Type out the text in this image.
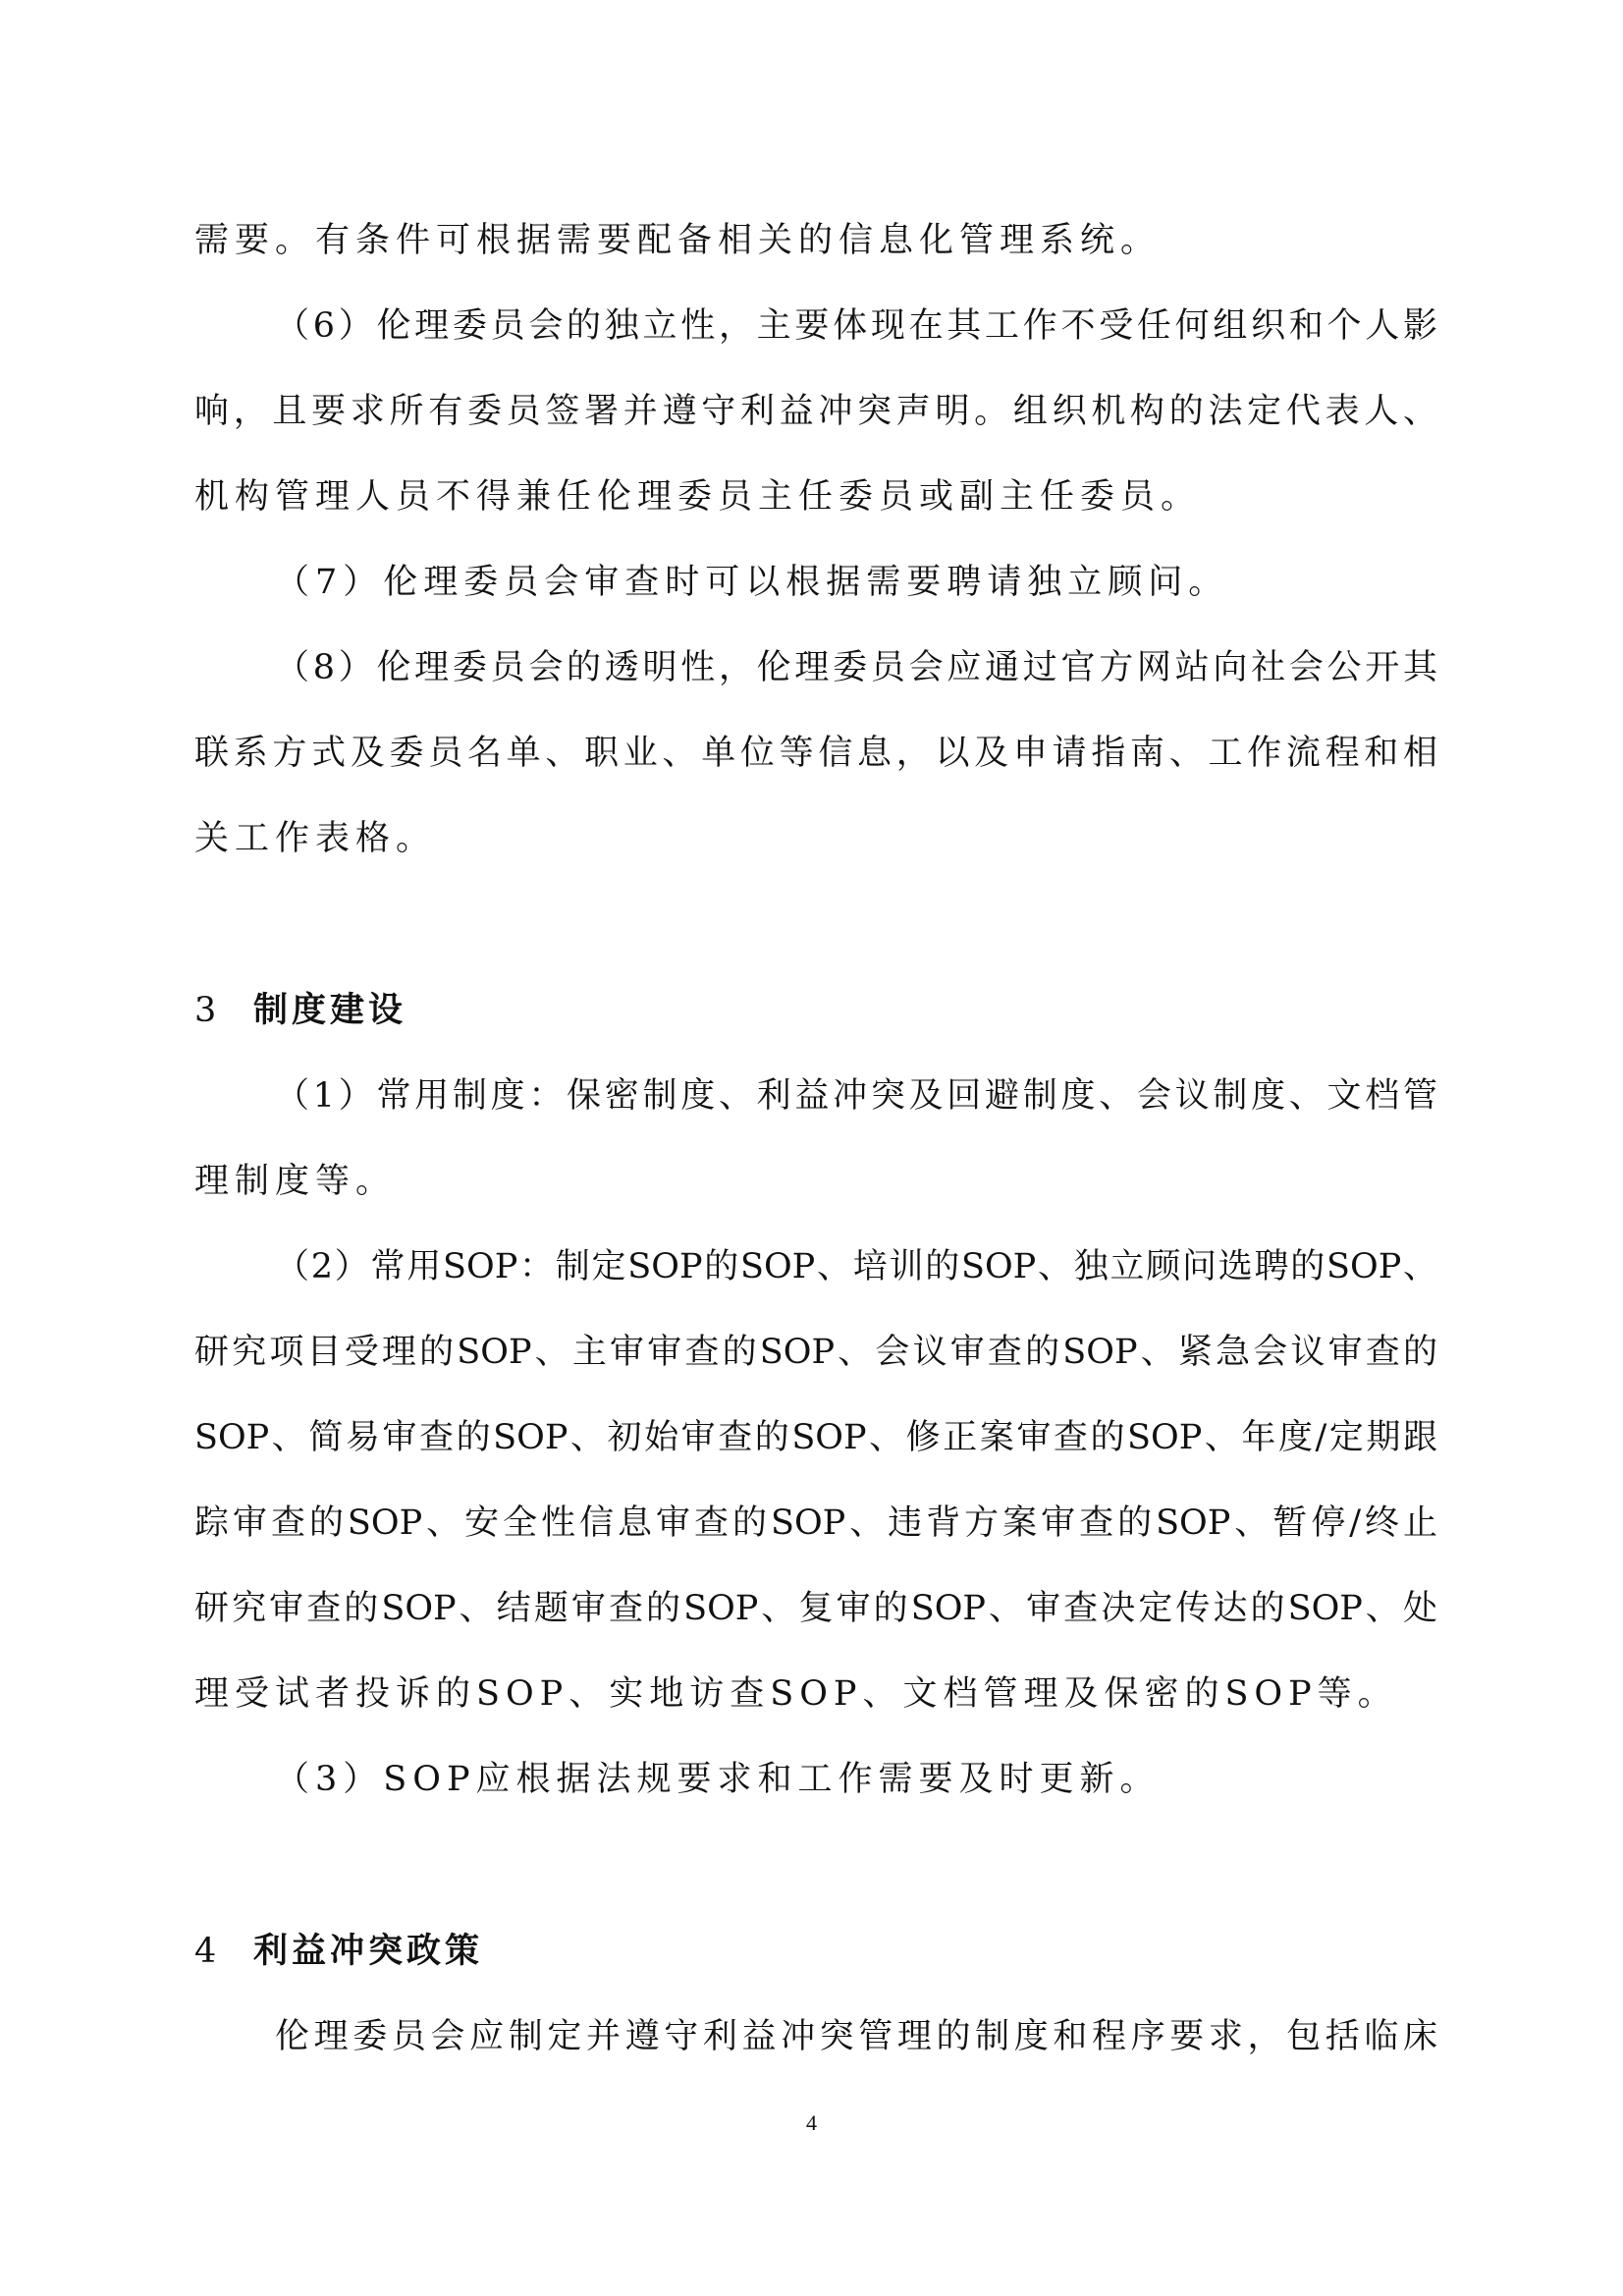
需要。有条件可根据需要配备相关的信息化管理系统。
（6）伦理委员会的独立性，主要体现在其工作不受任何组织和个人影
响，且要求所有委员签署并遵守利益冲突声明。组织机构的法定代表人、
机构管理人员不得兼任伦理委员主任委员或副主任委员。
（7）伦理委员会审查时可以根据需要聘请独立顾问。
（8）伦理委员会的透明性，伦理委员会应通过官方网站向社会公开其
联系方式及委员名单、职业、单位等信息，以及申请指南、工作流程和相
关工作表格。
3 制度建设
（1）常用制度：保密制度、利益冲突及回避制度、会议制度、文档管
理制度等。
（2）常用SOP：制定SOP的SOP、培训的SOP、独立顾问选聘的SOP、
研究项目受理的SOP、主审审查的SOP、会议审查的SOP、紧急会议审查的
SOP、简易审查的SOP、初始审查的SOP、修正案审查的SOP、年度/定期跟
踪审查的SOP、安全性信息审查的SOP、违背方案审查的SOP、暂停/终止
研究审查的SOP、结题审查的SOP、复审的SOP、审查决定传达的SOP、处
理受试者投诉的SOP、实地访查SOP、文档管理及保密的SOP等。
（3）SOP应根据法规要求和工作需要及时更新。
4 利益冲突政策
伦理委员会应制定并遵守利益冲突管理的制度和程序要求，包括临床
4
